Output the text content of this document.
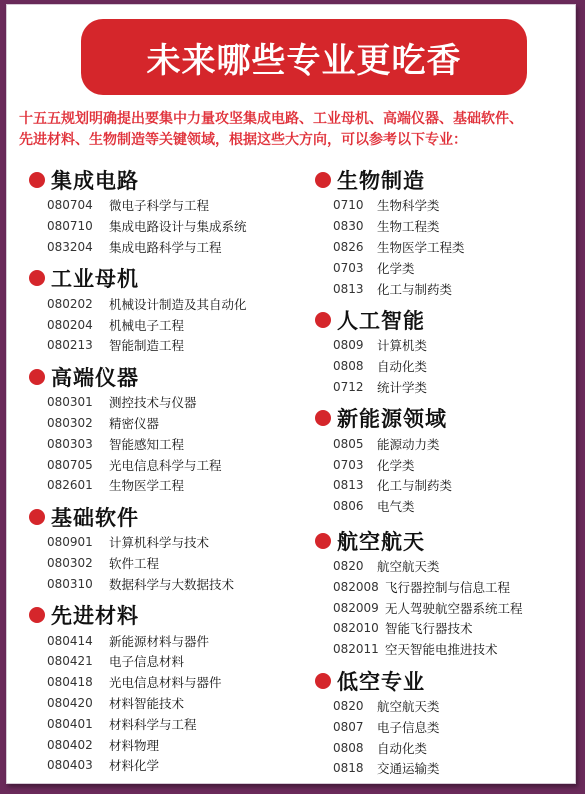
未来哪些专业更吃香
十五五规划明确提出要集中力量攻坚集成电路、工业母机、高端仪器、基础软件、
先进材料、生物制造等关键领域，根据这些大方向，可以参考以下专业：
集成电路
080704	微电子科学与工程
080710	集成电路设计与集成系统
083204	集成电路科学与工程
工业母机
080202	机械设计制造及其自动化
080204	机械电子工程
080213	智能制造工程
高端仪器
080301	测控技术与仪器
080302	精密仪器
080303	智能感知工程
080705	光电信息科学与工程
082601	生物医学工程
基础软件
080901	计算机科学与技术
080302	软件工程
080310	数据科学与大数据技术
先进材料
080414	新能源材料与器件
080421	电子信息材料
080418	光电信息材料与器件
080420	材料智能技术
080401	材料科学与工程
080402	材料物理
080403	材料化学
生物制造
0710	生物科学类
0830	生物工程类
0826	生物医学工程类
0703	化学类
0813	化工与制药类
人工智能
0809	计算机类
0808	自动化类
0712	统计学类
新能源领域
0805	能源动力类
0703	化学类
0813	化工与制药类
0806	电气类
航空航天
0820	航空航天类
082008 飞行器控制与信息工程
082009 无人驾驶航空器系统工程
082010 智能飞行器技术
082011 空天智能电推进技术
低空专业
0820	航空航天类
0807	电子信息类
0808	自动化类
0818	交通运输类
